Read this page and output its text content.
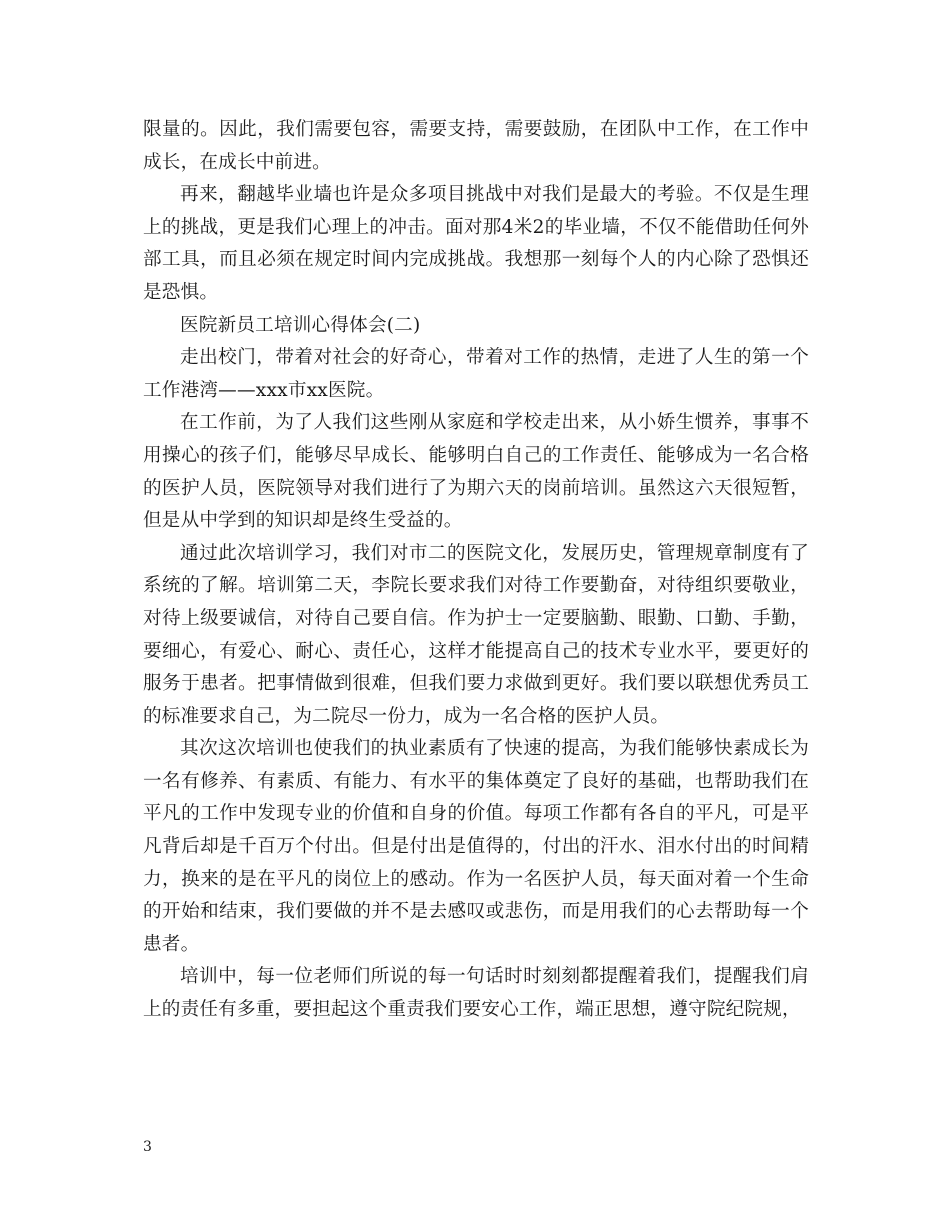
限量的。因此，我们需要包容，需要支持，需要鼓励，在团队中工作，在工作中成长，在成长中前进。

再来，翻越毕业墙也许是众多项目挑战中对我们是最大的考验。不仅是生理上的挑战，更是我们心理上的冲击。面对那4米2的毕业墙，不仅不能借助任何外部工具，而且必须在规定时间内完成挑战。我想那一刻每个人的内心除了恐惧还是恐惧。

医院新员工培训心得体会(二)

走出校门，带着对社会的好奇心，带着对工作的热情，走进了人生的第一个工作港湾——xxx市xx医院。

在工作前，为了人我们这些刚从家庭和学校走出来，从小娇生惯养，事事不用操心的孩子们，能够尽早成长、能够明白自己的工作责任、能够成为一名合格的医护人员，医院领导对我们进行了为期六天的岗前培训。虽然这六天很短暂，但是从中学到的知识却是终生受益的。

通过此次培训学习，我们对市二的医院文化，发展历史，管理规章制度有了系统的了解。培训第二天，李院长要求我们对待工作要勤奋，对待组织要敬业，对待上级要诚信，对待自己要自信。作为护士一定要脑勤、眼勤、口勤、手勤，要细心，有爱心、耐心、责任心，这样才能提高自己的技术专业水平，要更好的服务于患者。把事情做到很难，但我们要力求做到更好。我们要以联想优秀员工的标准要求自己，为二院尽一份力，成为一名合格的医护人员。

其次这次培训也使我们的执业素质有了快速的提高，为我们能够快素成长为一名有修养、有素质、有能力、有水平的集体奠定了良好的基础，也帮助我们在平凡的工作中发现专业的价值和自身的价值。每项工作都有各自的平凡，可是平凡背后却是千百万个付出。但是付出是值得的，付出的汗水、泪水付出的时间精力，换来的是在平凡的岗位上的感动。作为一名医护人员，每天面对着一个生命的开始和结束，我们要做的并不是去感叹或悲伤，而是用我们的心去帮助每一个患者。

培训中，每一位老师们所说的每一句话时时刻刻都提醒着我们，提醒我们肩上的责任有多重，要担起这个重责我们要安心工作，端正思想，遵守院纪院规，

3
